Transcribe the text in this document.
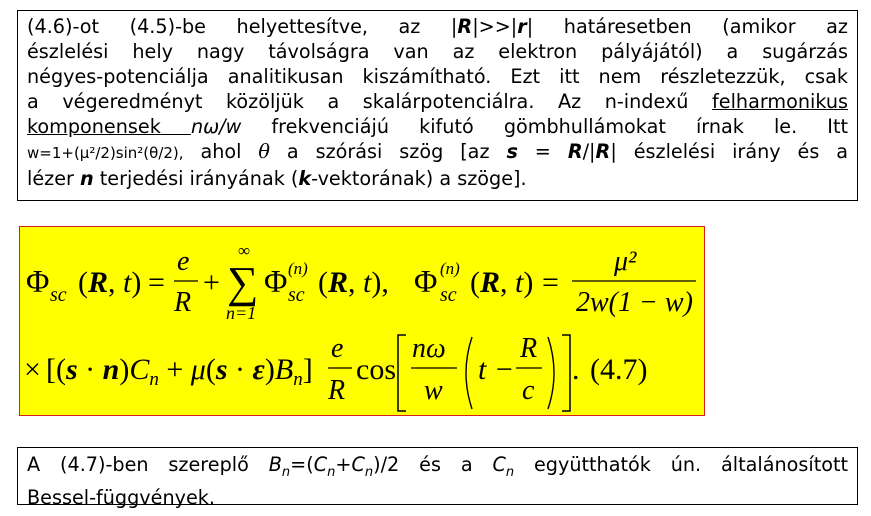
(4.6)-ot (4.5)-be helyettesítve, az |R|>>|r| határesetben (amikor az

észlelési hely nagy távolságra van az elektron pályájától) a sugárzás

négyes-potenciálja analitikusan kiszámítható. Ezt itt nem részletezzük, csak

a végeredményt közöljük a skalárpotenciálra. Az n-indexű felharmonikus

komponensek nω/w frekvenciájú kifutó gömbhullámokat írnak le. Itt

w=1+(μ²/2)sin²(θ/2), ahol θ a szórási szög [az s = R/|R| észlelési irány és a

lézer n terjedési irányának (k-vektorának) a szöge].

Φ sc (R, t) =
e
R
+
∞
∑
n=1
Φ (n)
sc (R, t), Φ (n)
sc (R, t) =
μ²
2w(1 − w)
× $[(s \cdot n)C_n + \mu(s \cdot \varepsilon)B_n]$
e
R
cos
nω
w
t −
R
c
. (4.7)

A (4.7)-ben szereplő $B_n=(C_n+C_n)/2$ és a $C_n$ együtthatók ún. általánosított

Bessel-függvények.
